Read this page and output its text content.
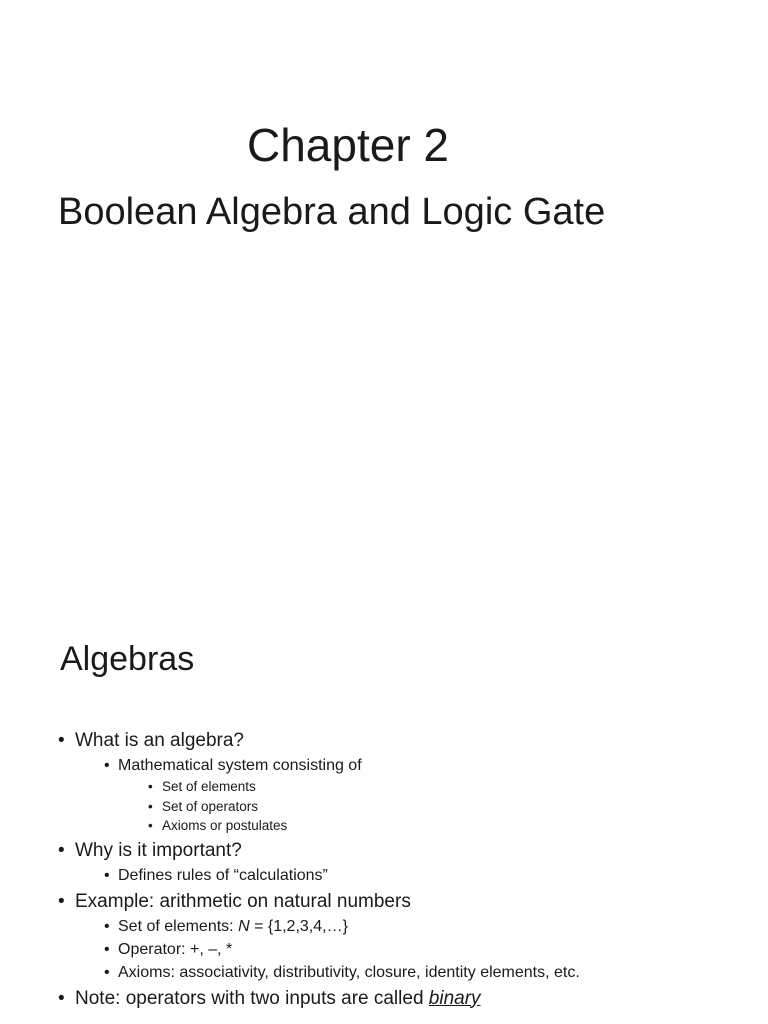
Chapter 2
Boolean Algebra and Logic Gate
Algebras
• What is an algebra?
• Mathematical system consisting of
• Set of elements
• Set of operators
• Axioms or postulates
• Why is it important?
• Defines rules of “calculations”
• Example: arithmetic on natural numbers
• Set of elements: N = {1,2,3,4,…}
• Operator: +, –, *
• Axioms: associativity, distributivity, closure, identity elements, etc.
• Note: operators with two inputs are called binary
